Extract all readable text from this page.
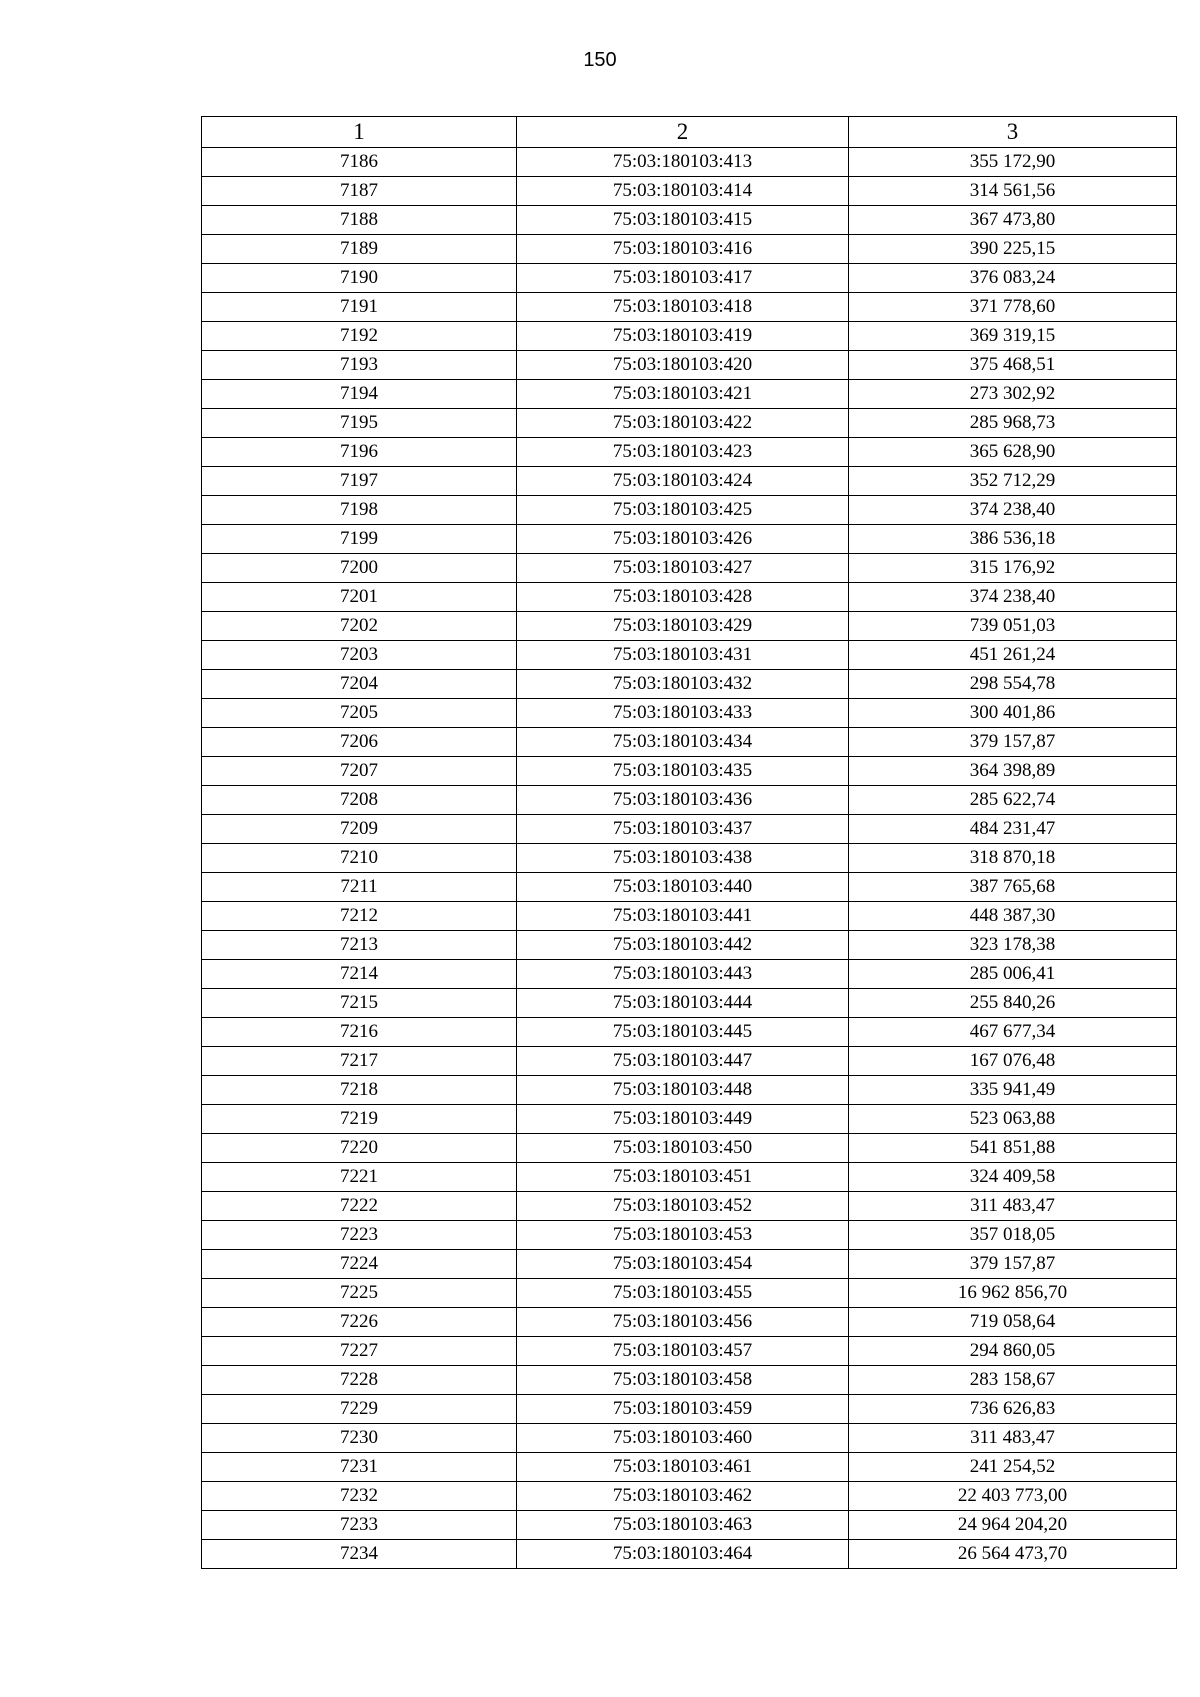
150
1	2	3
7186	75:03:180103:413	355 172,90
7187	75:03:180103:414	314 561,56
7188	75:03:180103:415	367 473,80
7189	75:03:180103:416	390 225,15
7190	75:03:180103:417	376 083,24
7191	75:03:180103:418	371 778,60
7192	75:03:180103:419	369 319,15
7193	75:03:180103:420	375 468,51
7194	75:03:180103:421	273 302,92
7195	75:03:180103:422	285 968,73
7196	75:03:180103:423	365 628,90
7197	75:03:180103:424	352 712,29
7198	75:03:180103:425	374 238,40
7199	75:03:180103:426	386 536,18
7200	75:03:180103:427	315 176,92
7201	75:03:180103:428	374 238,40
7202	75:03:180103:429	739 051,03
7203	75:03:180103:431	451 261,24
7204	75:03:180103:432	298 554,78
7205	75:03:180103:433	300 401,86
7206	75:03:180103:434	379 157,87
7207	75:03:180103:435	364 398,89
7208	75:03:180103:436	285 622,74
7209	75:03:180103:437	484 231,47
7210	75:03:180103:438	318 870,18
7211	75:03:180103:440	387 765,68
7212	75:03:180103:441	448 387,30
7213	75:03:180103:442	323 178,38
7214	75:03:180103:443	285 006,41
7215	75:03:180103:444	255 840,26
7216	75:03:180103:445	467 677,34
7217	75:03:180103:447	167 076,48
7218	75:03:180103:448	335 941,49
7219	75:03:180103:449	523 063,88
7220	75:03:180103:450	541 851,88
7221	75:03:180103:451	324 409,58
7222	75:03:180103:452	311 483,47
7223	75:03:180103:453	357 018,05
7224	75:03:180103:454	379 157,87
7225	75:03:180103:455	16 962 856,70
7226	75:03:180103:456	719 058,64
7227	75:03:180103:457	294 860,05
7228	75:03:180103:458	283 158,67
7229	75:03:180103:459	736 626,83
7230	75:03:180103:460	311 483,47
7231	75:03:180103:461	241 254,52
7232	75:03:180103:462	22 403 773,00
7233	75:03:180103:463	24 964 204,20
7234	75:03:180103:464	26 564 473,70
